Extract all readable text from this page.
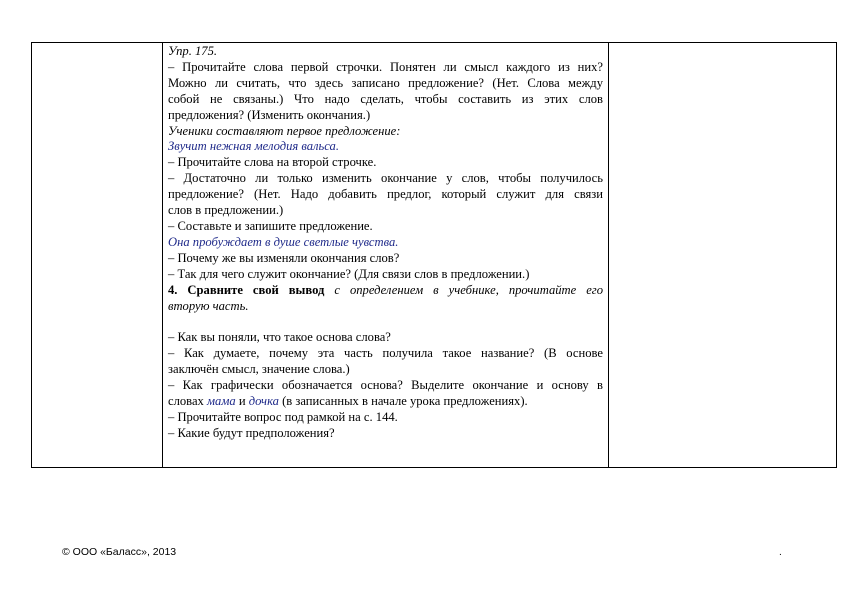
Упр. 175.
– Прочитайте слова первой строчки. Понятен ли смысл каждого из них?
Можно ли считать, что здесь записано предложение? (Нет. Слова между
собой не связаны.) Что надо сделать, чтобы составить из этих слов
предложения? (Изменить окончания.)
Ученики составляют первое предложение:
Звучит нежная мелодия вальса.
– Прочитайте слова на второй строчке.
– Достаточно ли только изменить окончание у слов, чтобы получилось
предложение? (Нет. Надо добавить предлог, который служит для связи
слов в предложении.)
– Составьте и запишите предложение.
Она пробуждает в душе светлые чувства.
– Почему же вы изменяли окончания слов?
– Так для чего служит окончание? (Для связи слов в предложении.)
4. Сравните свой вывод с определением в учебнике, прочитайте его
вторую часть.
– Как вы поняли, что такое основа слова?
– Как думаете, почему эта часть получила такое название? (В основе
заключён смысл, значение слова.)
– Как графически обозначается основа? Выделите окончание и основу в
словах мама и дочка (в записанных в начале урока предложениях).
– Прочитайте вопрос под рамкой на с. 144.
– Какие будут предположения?
© ООО «Баласс», 2013	.
